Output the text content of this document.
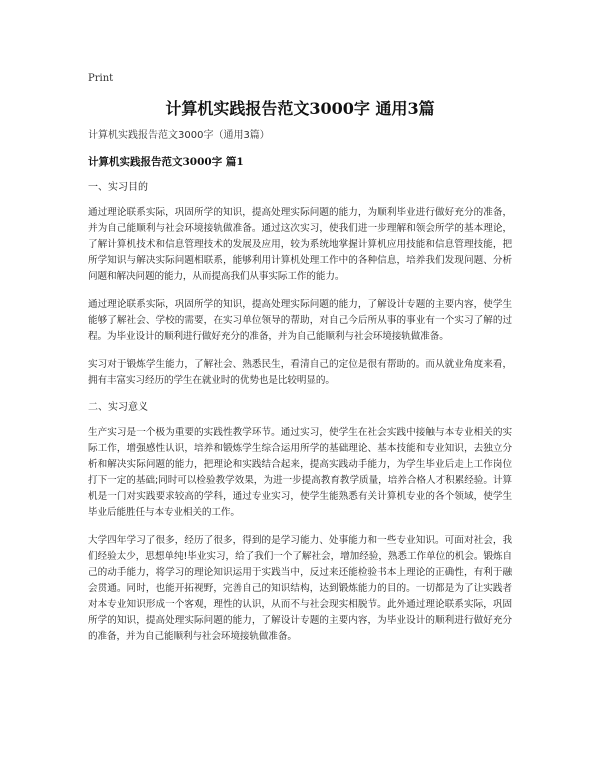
Print
计算机实践报告范文3000字 通用3篇
计算机实践报告范文3000字（通用3篇）
计算机实践报告范文3000字 篇1
一、实习目的

通过理论联系实际，巩固所学的知识，提高处理实际问题的能力，为顺利毕业进行做好充分的准备，并为自己能顺利与社会环境接轨做准备。通过这次实习，使我们进一步理解和领会所学的基本理论，了解计算机技术和信息管理技术的发展及应用，较为系统地掌握计算机应用技能和信息管理技能，把所学知识与解决实际问题相联系，能够利用计算机处理工作中的各种信息，培养我们发现问题、分析问题和解决问题的能力，从而提高我们从事实际工作的能力。

通过理论联系实际，巩固所学的知识，提高处理实际问题的能力，了解设计专题的主要内容，使学生能够了解社会、学校的需要，在实习单位领导的帮助，对自己今后所从事的事业有一个实习了解的过程。为毕业设计的顺利进行做好充分的准备，并为自己能顺利与社会环境接轨做准备。

实习对于锻炼学生能力，了解社会、熟悉民生，看清自己的定位是很有帮助的。而从就业角度来看，拥有丰富实习经历的学生在就业时的优势也是比较明显的。

二、实习意义

生产实习是一个极为重要的实践性教学环节。通过实习，使学生在社会实践中接触与本专业相关的实际工作，增强感性认识，培养和锻炼学生综合运用所学的基础理论、基本技能和专业知识，去独立分析和解决实际问题的能力，把理论和实践结合起来，提高实践动手能力，为学生毕业后走上工作岗位打下一定的基础;同时可以检验教学效果，为进一步提高教育教学质量，培养合格人才积累经验。计算机是一门对实践要求较高的学科，通过专业实习，使学生能熟悉有关计算机专业的各个领域，使学生毕业后能胜任与本专业相关的工作。

大学四年学习了很多，经历了很多，得到的是学习能力、处事能力和一些专业知识。可面对社会，我们经验太少，思想单纯!毕业实习，给了我们一个了解社会，增加经验，熟悉工作单位的机会。锻炼自己的动手能力，将学习的理论知识运用于实践当中，反过来还能检验书本上理论的正确性，有利于融会贯通。同时，也能开拓视野，完善自己的知识结构，达到锻炼能力的目的。一切都是为了让实践者对本专业知识形成一个客观，理性的认识，从而不与社会现实相脱节。此外通过理论联系实际，巩固所学的知识，提高处理实际问题的能力，了解设计专题的主要内容，为毕业设计的顺利进行做好充分的准备，并为自己能顺利与社会环境接轨做准备。
